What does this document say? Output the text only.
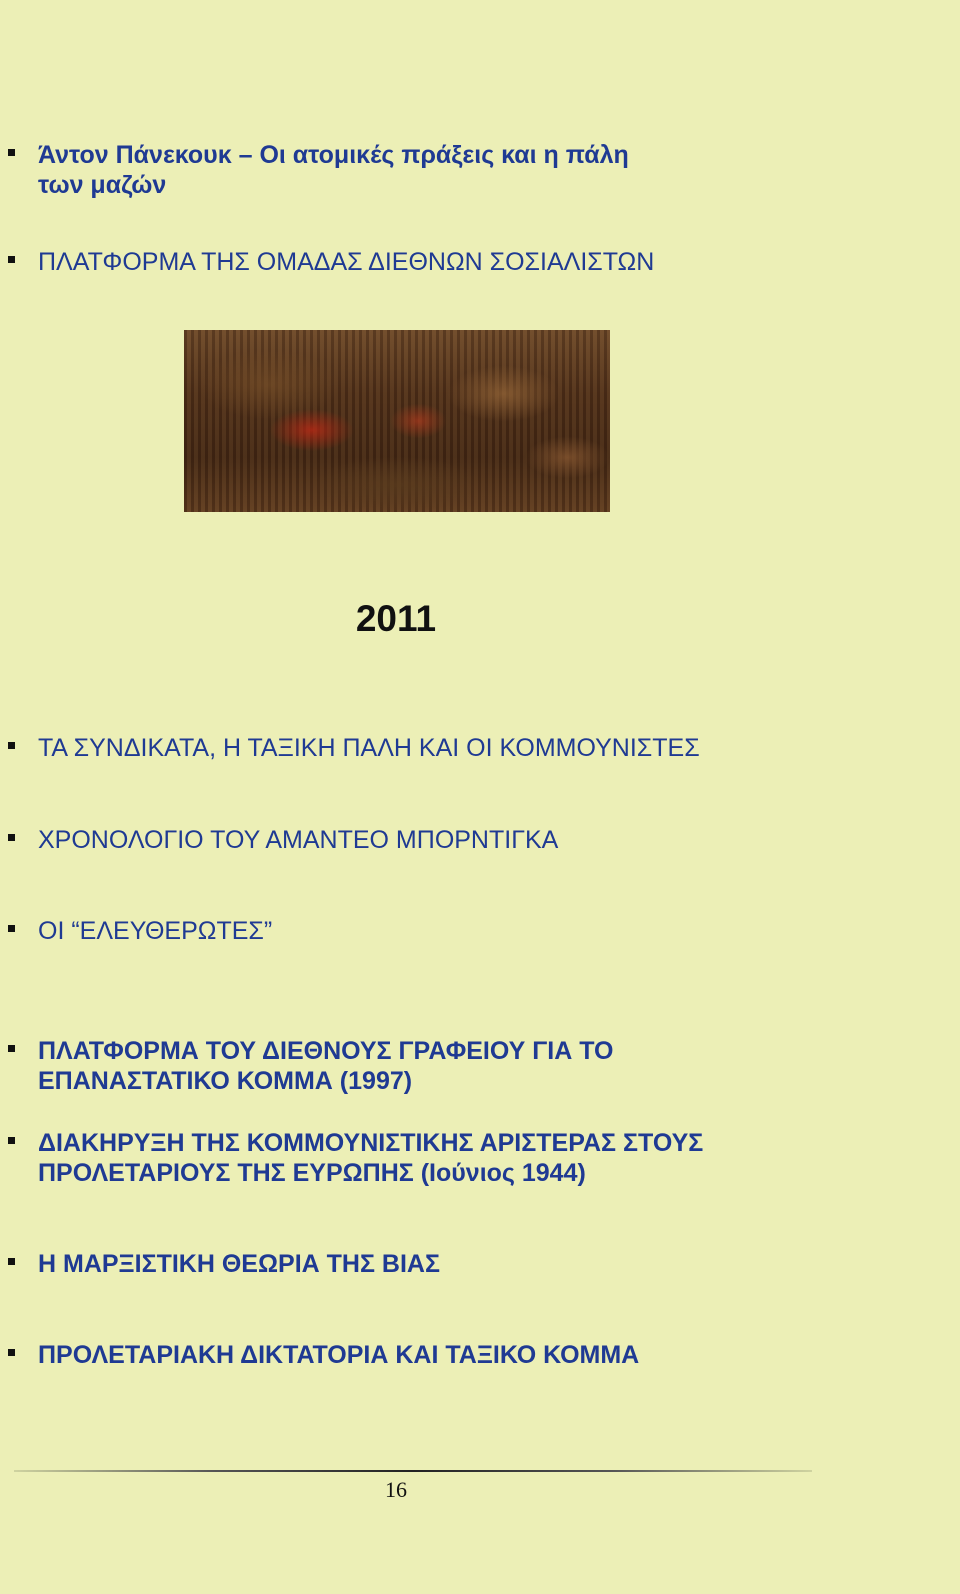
Άντον Πάνεκουκ – Οι ατομικές πράξεις και η πάλη
των μαζών
ΠΛΑΤΦΟΡΜΑ ΤΗΣ ΟΜΑΔΑΣ ΔΙΕΘΝΩΝ ΣΟΣΙΑΛΙΣΤΩΝ
2011
ΤΑ ΣΥΝΔΙΚΑΤΑ, Η ΤΑΞΙΚΗ ΠΑΛΗ ΚΑΙ ΟΙ ΚΟΜΜΟΥΝΙΣΤΕΣ
ΧΡΟΝΟΛΟΓΙΟ ΤΟΥ ΑΜΑΝΤΕΟ ΜΠΟΡΝΤΙΓΚΑ
ΟΙ “ΕΛΕΥΘΕΡΩΤΕΣ”
ΠΛΑΤΦΟΡΜΑ ΤΟΥ ΔΙΕΘΝΟΥΣ ΓΡΑΦΕΙΟΥ ΓΙΑ ΤΟ
ΕΠΑΝΑΣΤΑΤΙΚΟ ΚΟΜΜΑ (1997)
ΔΙΑΚΗΡΥΞΗ ΤΗΣ ΚΟΜΜΟΥΝΙΣΤΙΚΗΣ ΑΡΙΣΤΕΡΑΣ ΣΤΟΥΣ
ΠΡΟΛΕΤΑΡΙΟΥΣ ΤΗΣ ΕΥΡΩΠΗΣ (Ιούνιος 1944)
Η ΜΑΡΞΙΣΤΙΚΗ ΘΕΩΡΙΑ ΤΗΣ ΒΙΑΣ
ΠΡΟΛΕΤΑΡΙΑΚΗ ΔΙΚΤΑΤΟΡΙΑ ΚΑΙ ΤΑΞΙΚΟ ΚΟΜΜΑ
16
